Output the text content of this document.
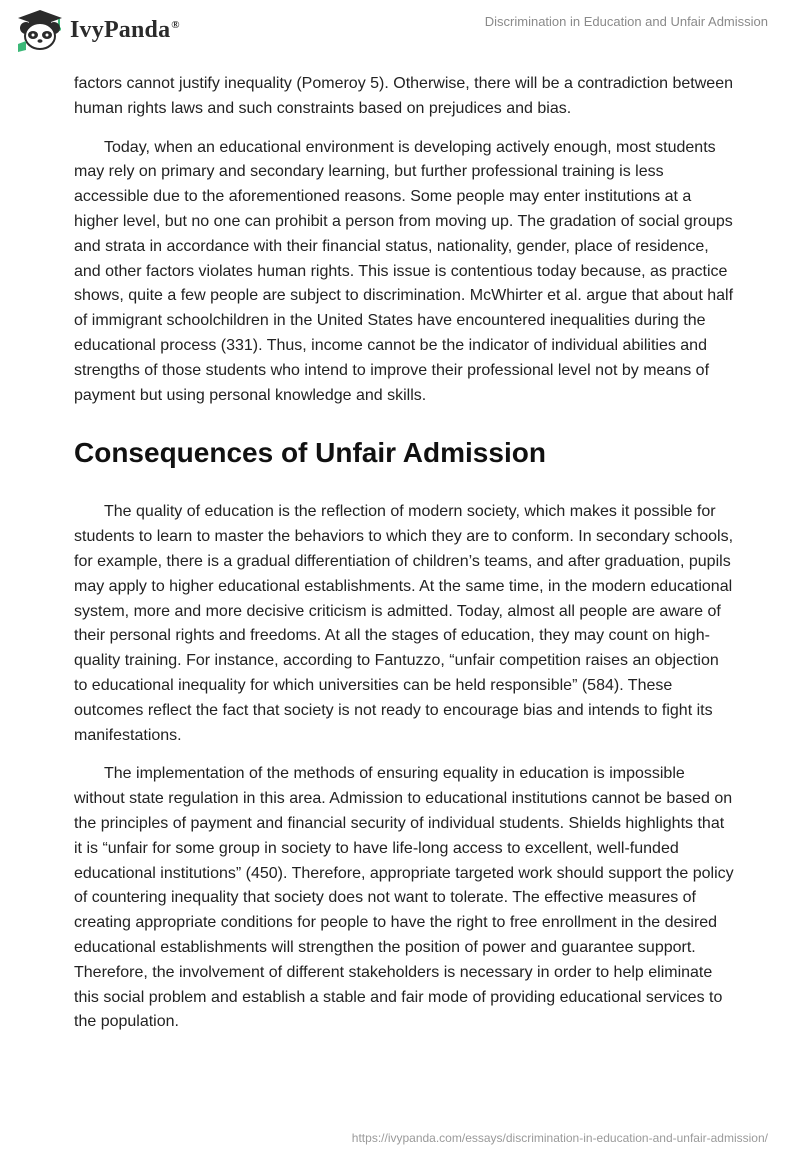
IvyPanda®	Discrimination in Education and Unfair Admission

factors cannot justify inequality (Pomeroy 5). Otherwise, there will be a contradiction between human rights laws and such constraints based on prejudices and bias.

Today, when an educational environment is developing actively enough, most students may rely on primary and secondary learning, but further professional training is less accessible due to the aforementioned reasons. Some people may enter institutions at a higher level, but no one can prohibit a person from moving up. The gradation of social groups and strata in accordance with their financial status, nationality, gender, place of residence, and other factors violates human rights. This issue is contentious today because, as practice shows, quite a few people are subject to discrimination. McWhirter et al. argue that about half of immigrant schoolchildren in the United States have encountered inequalities during the educational process (331). Thus, income cannot be the indicator of individual abilities and strengths of those students who intend to improve their professional level not by means of payment but using personal knowledge and skills.

Consequences of Unfair Admission

The quality of education is the reflection of modern society, which makes it possible for students to learn to master the behaviors to which they are to conform. In secondary schools, for example, there is a gradual differentiation of children’s teams, and after graduation, pupils may apply to higher educational establishments. At the same time, in the modern educational system, more and more decisive criticism is admitted. Today, almost all people are aware of their personal rights and freedoms. At all the stages of education, they may count on high-quality training. For instance, according to Fantuzzo, “unfair competition raises an objection to educational inequality for which universities can be held responsible” (584). These outcomes reflect the fact that society is not ready to encourage bias and intends to fight its manifestations.

The implementation of the methods of ensuring equality in education is impossible without state regulation in this area. Admission to educational institutions cannot be based on the principles of payment and financial security of individual students. Shields highlights that it is “unfair for some group in society to have life-long access to excellent, well-funded educational institutions” (450). Therefore, appropriate targeted work should support the policy of countering inequality that society does not want to tolerate. The effective measures of creating appropriate conditions for people to have the right to free enrollment in the desired educational establishments will strengthen the position of power and guarantee support. Therefore, the involvement of different stakeholders is necessary in order to help eliminate this social problem and establish a stable and fair mode of providing educational services to the population.

https://ivypanda.com/essays/discrimination-in-education-and-unfair-admission/
